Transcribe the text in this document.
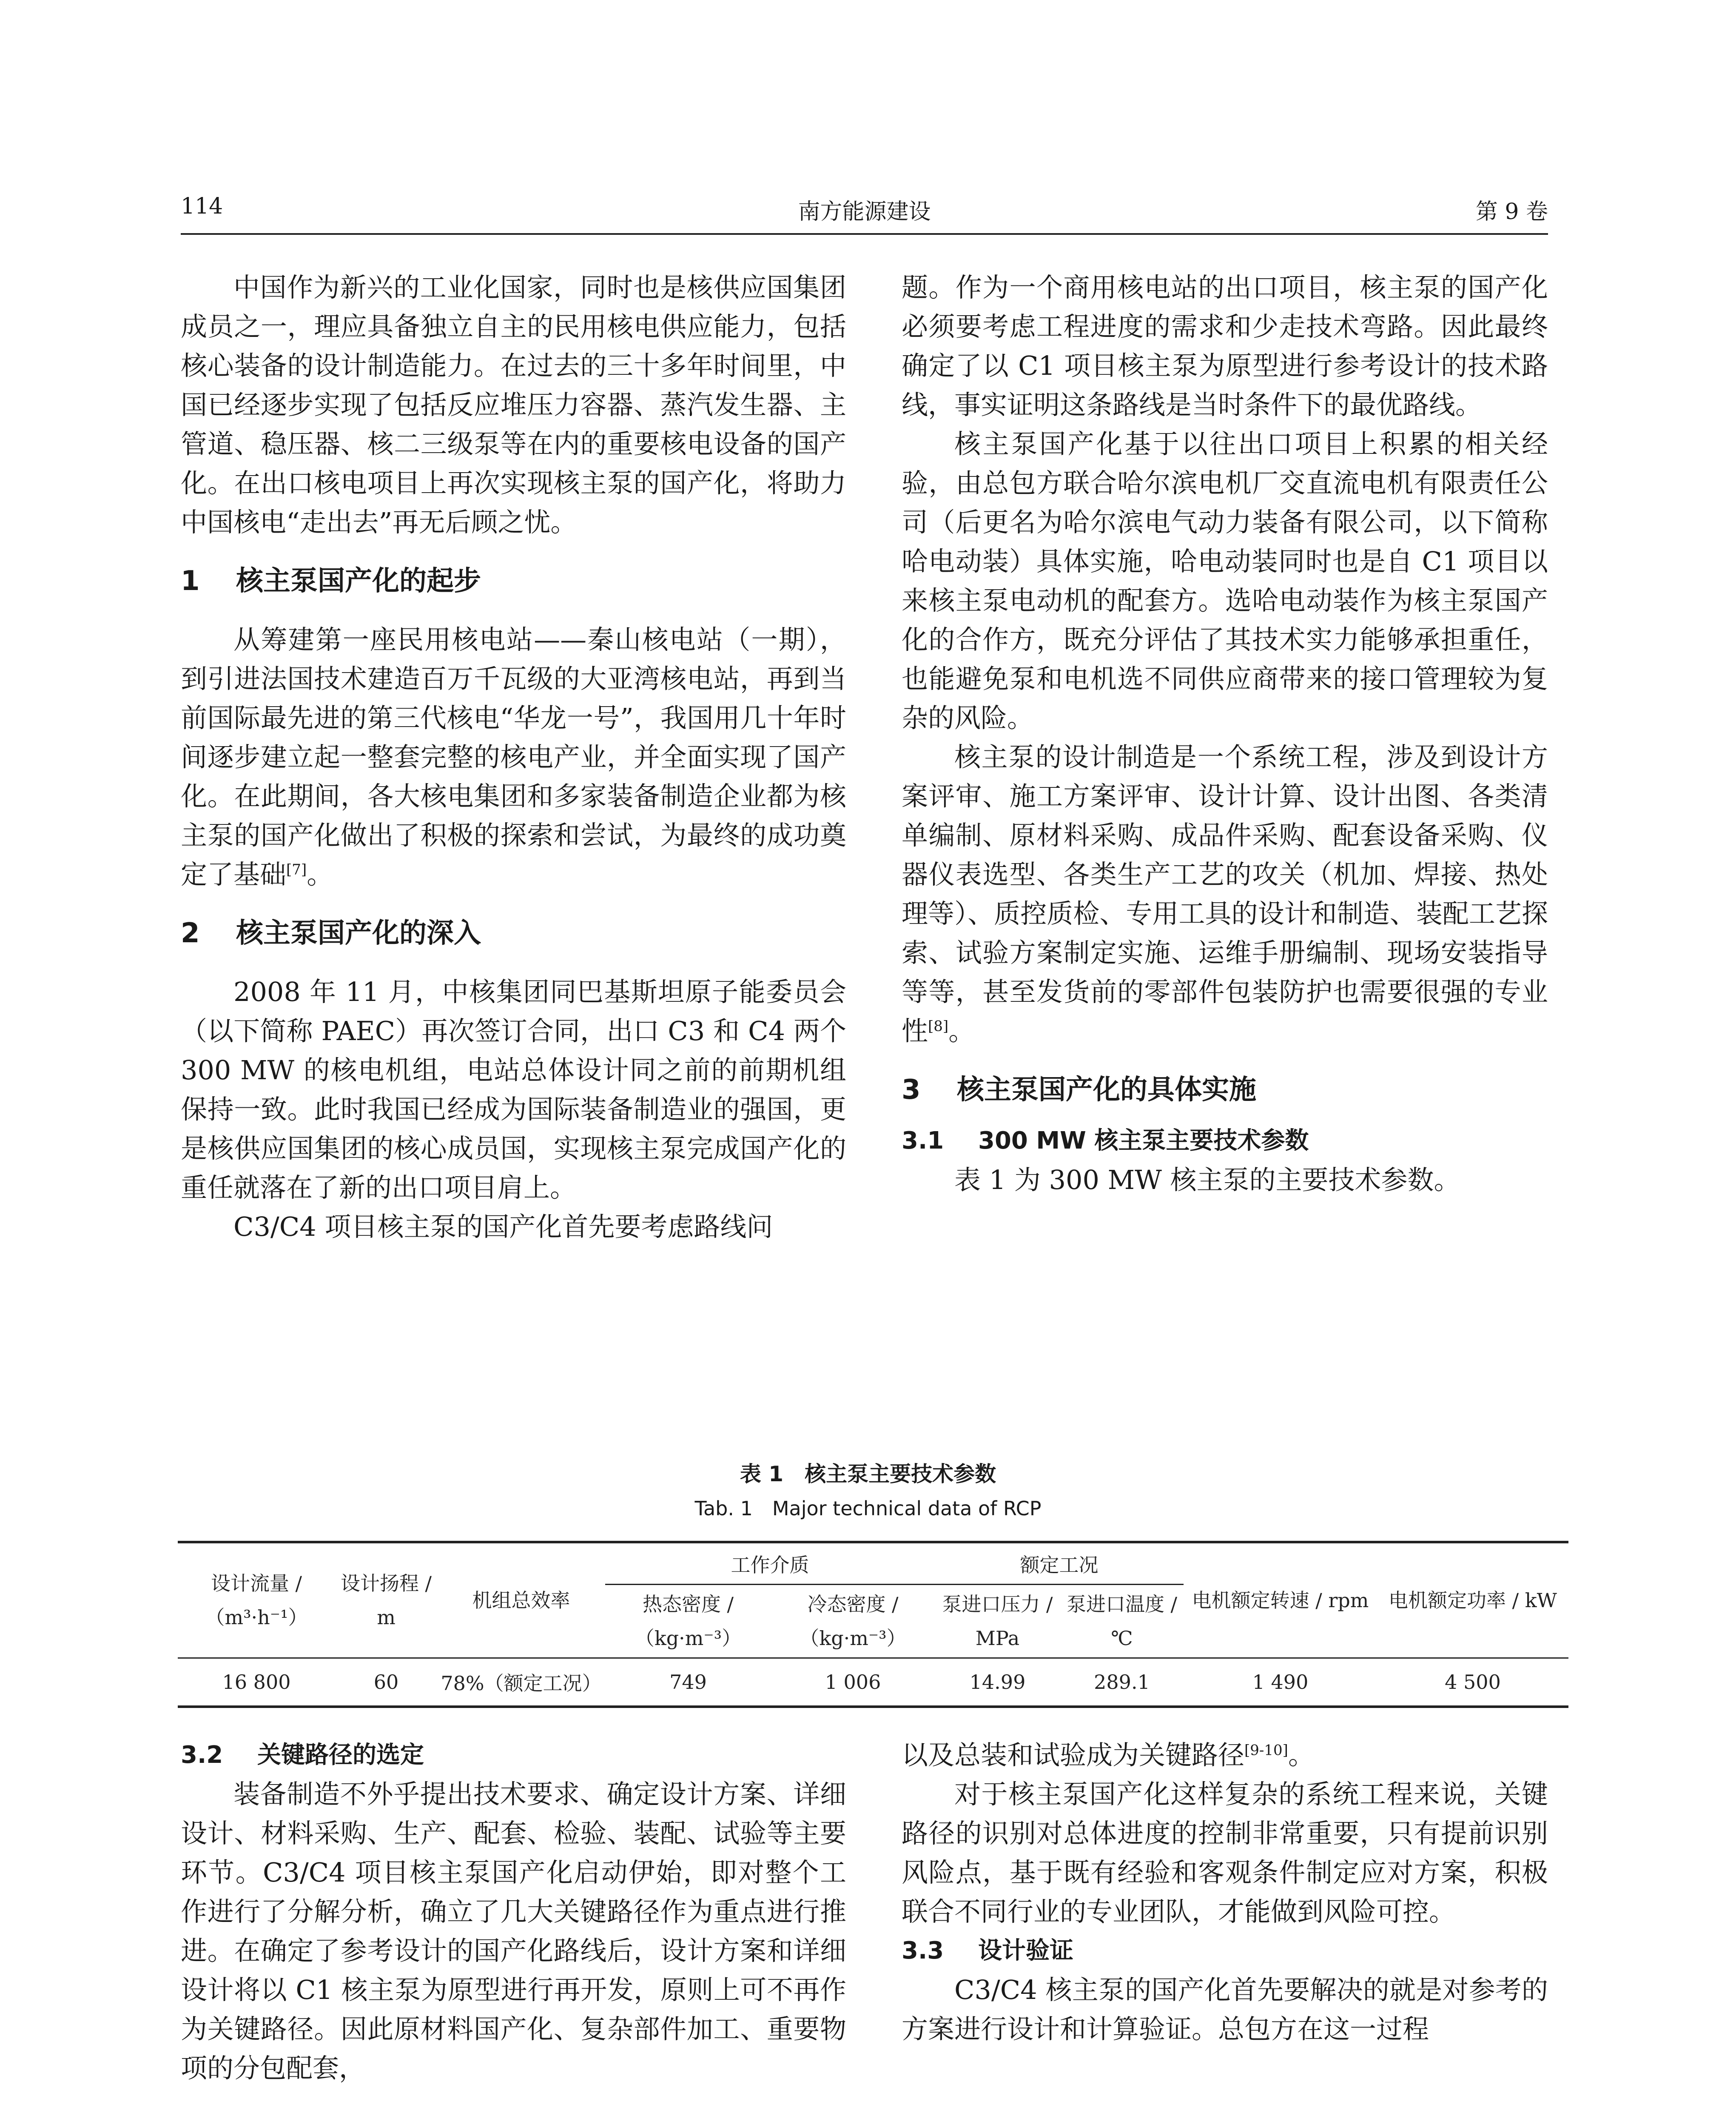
114	南方能源建设	第 9 卷

中国作为新兴的工业化国家，同时也是核供应国集团成员之一，理应具备独立自主的民用核电供应能力，包括核心装备的设计制造能力。在过去的三十多年时间里，中国已经逐步实现了包括反应堆压力容器、蒸汽发生器、主管道、稳压器、核二三级泵等在内的重要核电设备的国产化。在出口核电项目上再次实现核主泵的国产化，将助力中国核电“走出去”再无后顾之忧。

1 核主泵国产化的起步

从筹建第一座民用核电站——秦山核电站（一期），到引进法国技术建造百万千瓦级的大亚湾核电站，再到当前国际最先进的第三代核电“华龙一号”，我国用几十年时间逐步建立起一整套完整的核电产业，并全面实现了国产化。在此期间，各大核电集团和多家装备制造企业都为核主泵的国产化做出了积极的探索和尝试，为最终的成功奠定了基础[7]。

2 核主泵国产化的深入

2008 年 11 月，中核集团同巴基斯坦原子能委员会（以下简称 PAEC）再次签订合同，出口 C3 和 C4 两个 300 MW 的核电机组，电站总体设计同之前的前期机组保持一致。此时我国已经成为国际装备制造业的强国，更是核供应国集团的核心成员国，实现核主泵完成国产化的重任就落在了新的出口项目肩上。

C3/C4 项目核主泵的国产化首先要考虑路线问

题。作为一个商用核电站的出口项目，核主泵的国产化必须要考虑工程进度的需求和少走技术弯路。因此最终确定了以 C1 项目核主泵为原型进行参考设计的技术路线，事实证明这条路线是当时条件下的最优路线。

核主泵国产化基于以往出口项目上积累的相关经验，由总包方联合哈尔滨电机厂交直流电机有限责任公司（后更名为哈尔滨电气动力装备有限公司，以下简称哈电动装）具体实施，哈电动装同时也是自 C1 项目以来核主泵电动机的配套方。选哈电动装作为核主泵国产化的合作方，既充分评估了其技术实力能够承担重任，也能避免泵和电机选不同供应商带来的接口管理较为复杂的风险。

核主泵的设计制造是一个系统工程，涉及到设计方案评审、施工方案评审、设计计算、设计出图、各类清单编制、原材料采购、成品件采购、配套设备采购、仪器仪表选型、各类生产工艺的攻关（机加、焊接、热处理等）、质控质检、专用工具的设计和制造、装配工艺探索、试验方案制定实施、运维手册编制、现场安装指导等等，甚至发货前的零部件包装防护也需要很强的专业性[8]。

3 核主泵国产化的具体实施

3.1 300 MW 核主泵主要技术参数

表 1 为 300 MW 核主泵的主要技术参数。

表 1　核主泵主要技术参数
Tab. 1　Major technical data of RCP
设计流量 /（m³·h⁻¹）	设计扬程 / m	机组总效率	工作介质		额定工况		电机额定转速 / rpm	电机额定功率 / kW
			热态密度 /（kg·m⁻³）	冷态密度 /（kg·m⁻³）	泵进口压力 / MPa	泵进口温度 / ℃		
16 800	60	78%（额定工况）	749	1 006	14.99	289.1	1 490	4 500

3.2 关键路径的选定

装备制造不外乎提出技术要求、确定设计方案、详细设计、材料采购、生产、配套、检验、装配、试验等主要环节。C3/C4 项目核主泵国产化启动伊始，即对整个工作进行了分解分析，确立了几大关键路径作为重点进行推进。在确定了参考设计的国产化路线后，设计方案和详细设计将以 C1 核主泵为原型进行再开发，原则上可不再作为关键路径。因此原材料国产化、复杂部件加工、重要物项的分包配套，

以及总装和试验成为关键路径[9-10]。

对于核主泵国产化这样复杂的系统工程来说，关键路径的识别对总体进度的控制非常重要，只有提前识别风险点，基于既有经验和客观条件制定应对方案，积极联合不同行业的专业团队，才能做到风险可控。

3.3 设计验证

C3/C4 核主泵的国产化首先要解决的就是对参考的方案进行设计和计算验证。总包方在这一过程
